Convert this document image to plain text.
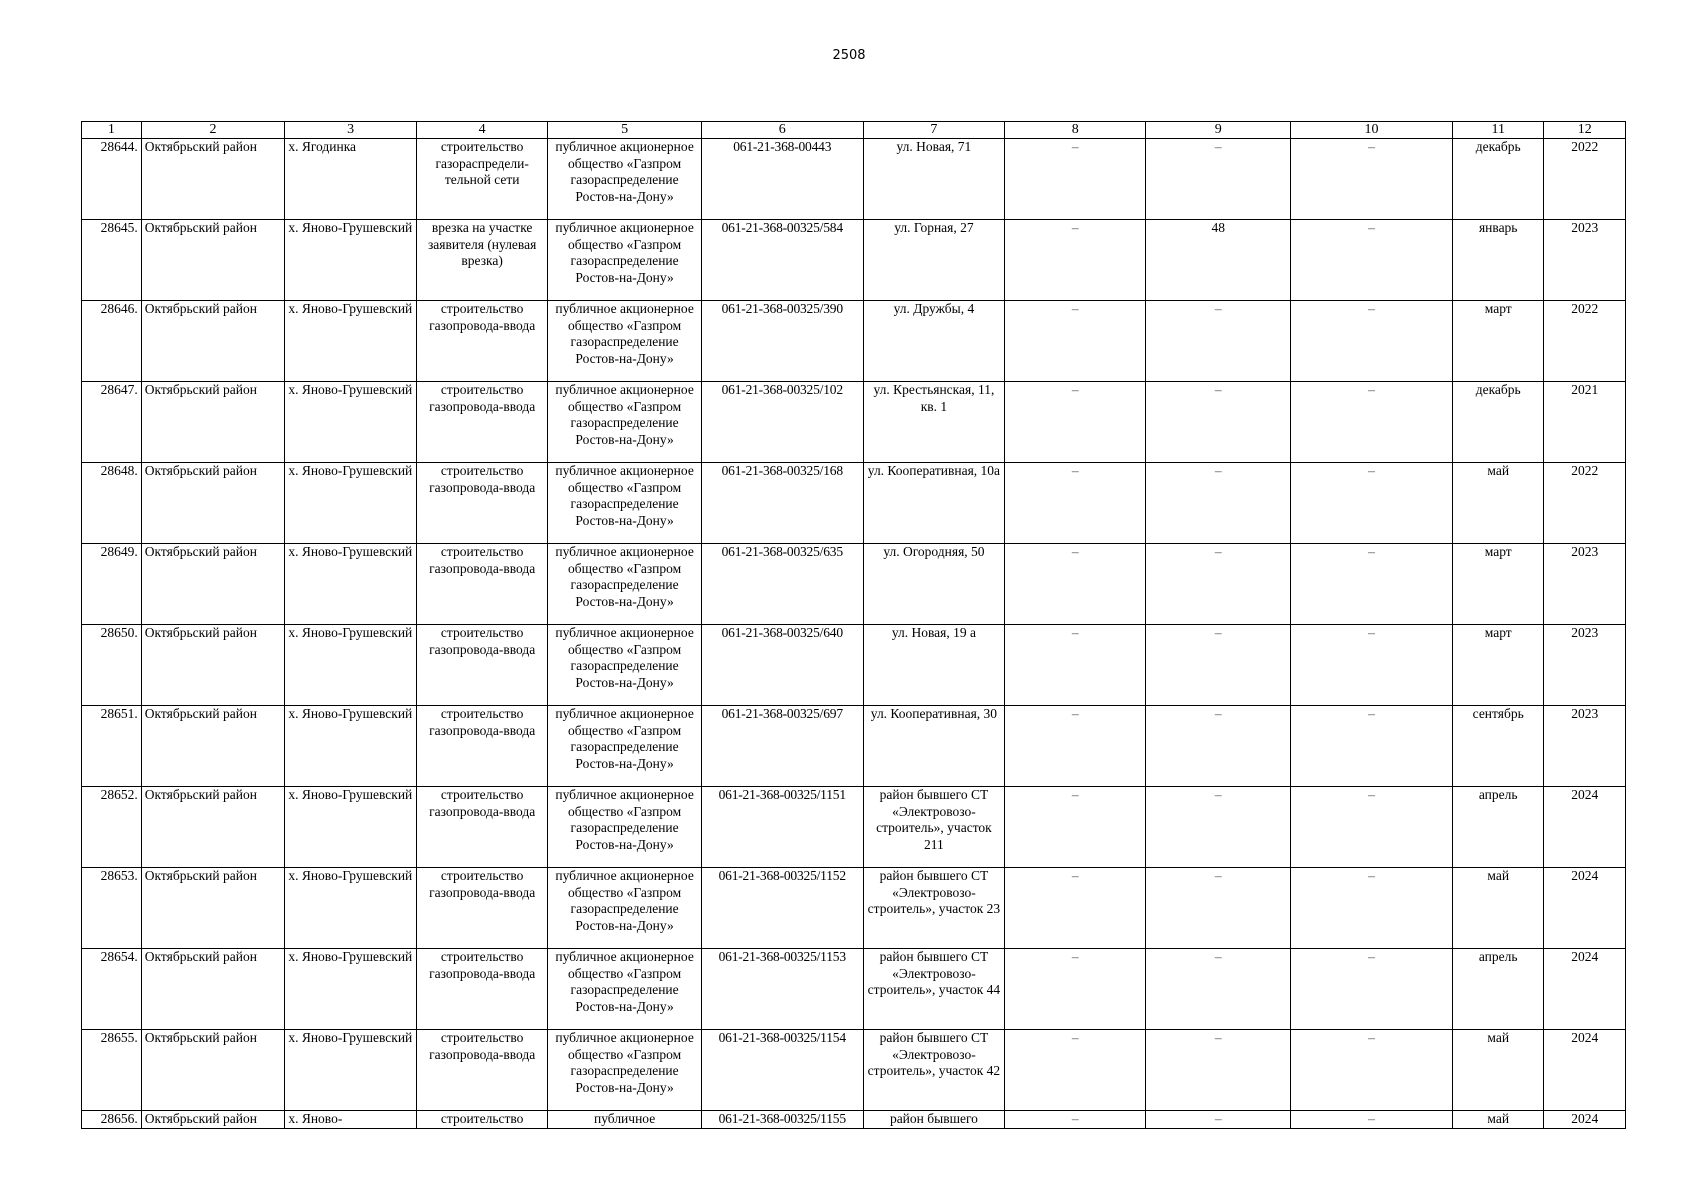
2508
1	2	3	4	5	6	7	8	9	10	11	12
28644.	Октябрьский район	х. Ягодинка	строительство газораспредели-тельной сети	публичное акционерное общество «Газпром газораспределение Ростов-на-Дону»	061-21-368-00443	ул. Новая, 71	–	–	–	декабрь	2022
28645.	Октябрьский район	х. Яново-Грушевский	врезка на участке заявителя (нулевая врезка)	публичное акционерное общество «Газпром газораспределение Ростов-на-Дону»	061-21-368-00325/584	ул. Горная, 27	–	48	–	январь	2023
28646.	Октябрьский район	х. Яново-Грушевский	строительство газопровода-ввода	публичное акционерное общество «Газпром газораспределение Ростов-на-Дону»	061-21-368-00325/390	ул. Дружбы, 4	–	–	–	март	2022
28647.	Октябрьский район	х. Яново-Грушевский	строительство газопровода-ввода	публичное акционерное общество «Газпром газораспределение Ростов-на-Дону»	061-21-368-00325/102	ул. Крестьянская, 11, кв. 1	–	–	–	декабрь	2021
28648.	Октябрьский район	х. Яново-Грушевский	строительство газопровода-ввода	публичное акционерное общество «Газпром газораспределение Ростов-на-Дону»	061-21-368-00325/168	ул. Кооперативная, 10а	–	–	–	май	2022
28649.	Октябрьский район	х. Яново-Грушевский	строительство газопровода-ввода	публичное акционерное общество «Газпром газораспределение Ростов-на-Дону»	061-21-368-00325/635	ул. Огородняя, 50	–	–	–	март	2023
28650.	Октябрьский район	х. Яново-Грушевский	строительство газопровода-ввода	публичное акционерное общество «Газпром газораспределение Ростов-на-Дону»	061-21-368-00325/640	ул. Новая, 19 а	–	–	–	март	2023
28651.	Октябрьский район	х. Яново-Грушевский	строительство газопровода-ввода	публичное акционерное общество «Газпром газораспределение Ростов-на-Дону»	061-21-368-00325/697	ул. Кооперативная, 30	–	–	–	сентябрь	2023
28652.	Октябрьский район	х. Яново-Грушевский	строительство газопровода-ввода	публичное акционерное общество «Газпром газораспределение Ростов-на-Дону»	061-21-368-00325/1151	район бывшего СТ «Электровозо-строитель», участок 211	–	–	–	апрель	2024
28653.	Октябрьский район	х. Яново-Грушевский	строительство газопровода-ввода	публичное акционерное общество «Газпром газораспределение Ростов-на-Дону»	061-21-368-00325/1152	район бывшего СТ «Электровозо-строитель», участок 23	–	–	–	май	2024
28654.	Октябрьский район	х. Яново-Грушевский	строительство газопровода-ввода	публичное акционерное общество «Газпром газораспределение Ростов-на-Дону»	061-21-368-00325/1153	район бывшего СТ «Электровозо-строитель», участок 44	–	–	–	апрель	2024
28655.	Октябрьский район	х. Яново-Грушевский	строительство газопровода-ввода	публичное акционерное общество «Газпром газораспределение Ростов-на-Дону»	061-21-368-00325/1154	район бывшего СТ «Электровозо-строитель», участок 42	–	–	–	май	2024
28656.	Октябрьский район	х. Яново-	строительство	публичное	061-21-368-00325/1155	район бывшего	–	–	–	май	2024
